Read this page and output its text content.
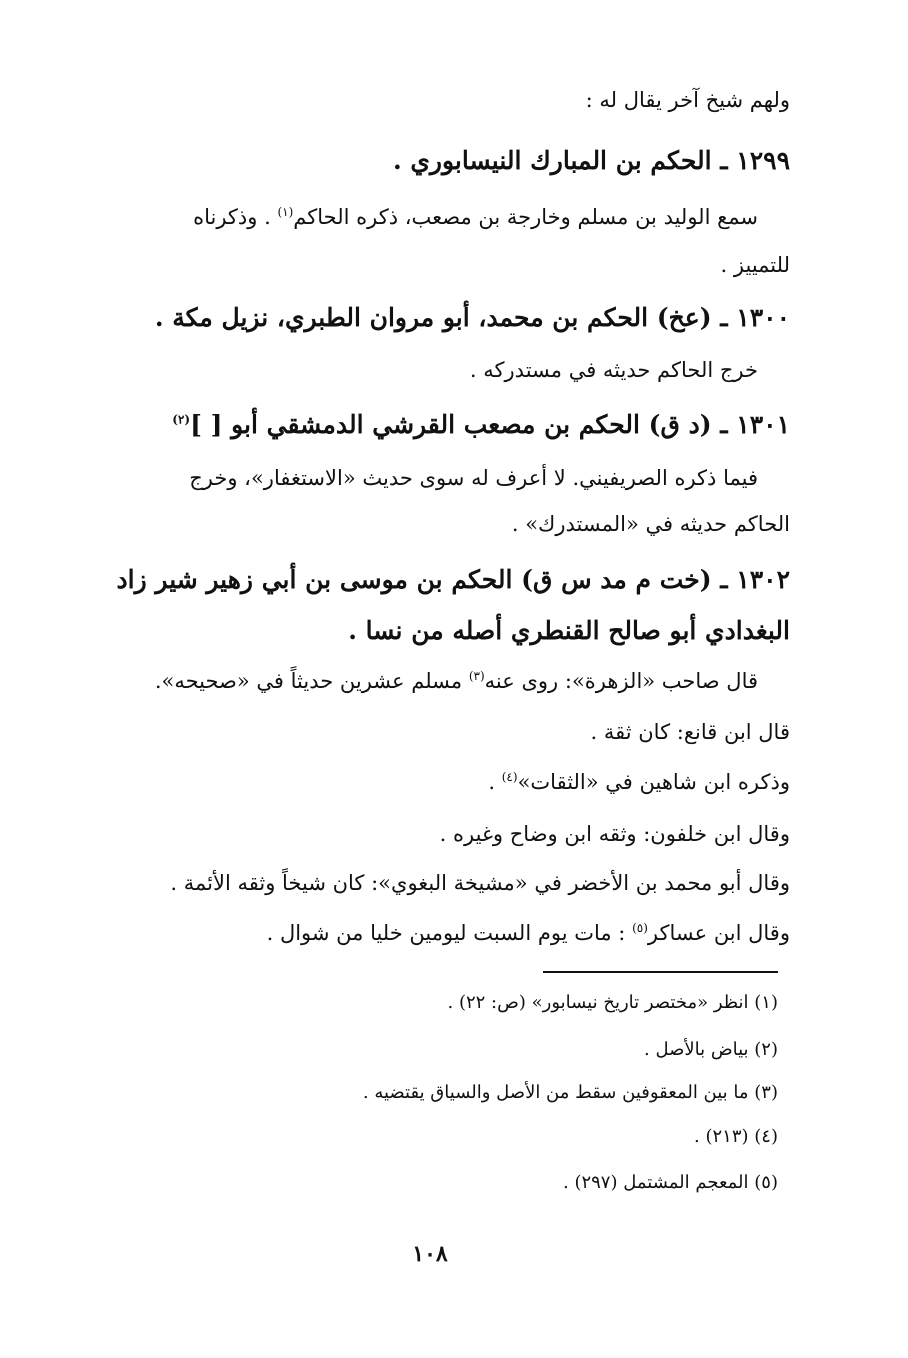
ولهم شيخ آخر يقال له :
١٢٩٩ ـ الحكم بن المبارك النيسابوري .
سمع الوليد بن مسلم وخارجة بن مصعب، ذكره الحاكم$^{(١)}$ . وذكرناه
للتمييز .
١٣٠٠ ـ (عخ) الحكم بن محمد، أبو مروان الطبري، نزيل مكة .
خرج الحاكم حديثه في مستدركه .
١٣٠١ ـ (د ق) الحكم بن مصعب القرشي الدمشقي أبو [ ]$^{(٢)}$
فيما ذكره الصريفيني. لا أعرف له سوى حديث «الاستغفار»، وخرج
الحاكم حديثه في «المستدرك» .
١٣٠٢ ـ (خت م مد س ق) الحكم بن موسى بن أبي زهير شير زاد
البغدادي أبو صالح القنطري أصله من نسا .
قال صاحب «الزهرة»: روى عنه$^{(٣)}$ مسلم عشرين حديثاً في «صحيحه».
قال ابن قانع: كان ثقة .
وذكره ابن شاهين في «الثقات»$^{(٤)}$ .
وقال ابن خلفون: وثقه ابن وضاح وغيره .
وقال أبو محمد بن الأخضر في «مشيخة البغوي»: كان شيخاً وثقه الأئمة .
وقال ابن عساكر$^{(٥)}$ : مات يوم السبت ليومين خليا من شوال .
(١) انظر «مختصر تاريخ نيسابور» (ص: ٢٢) .
(٢) بياض بالأصل .
(٣) ما بين المعقوفين سقط من الأصل والسياق يقتضيه .
(٤) (٢١٣) .
(٥) المعجم المشتمل (٢٩٧) .
١٠٨
